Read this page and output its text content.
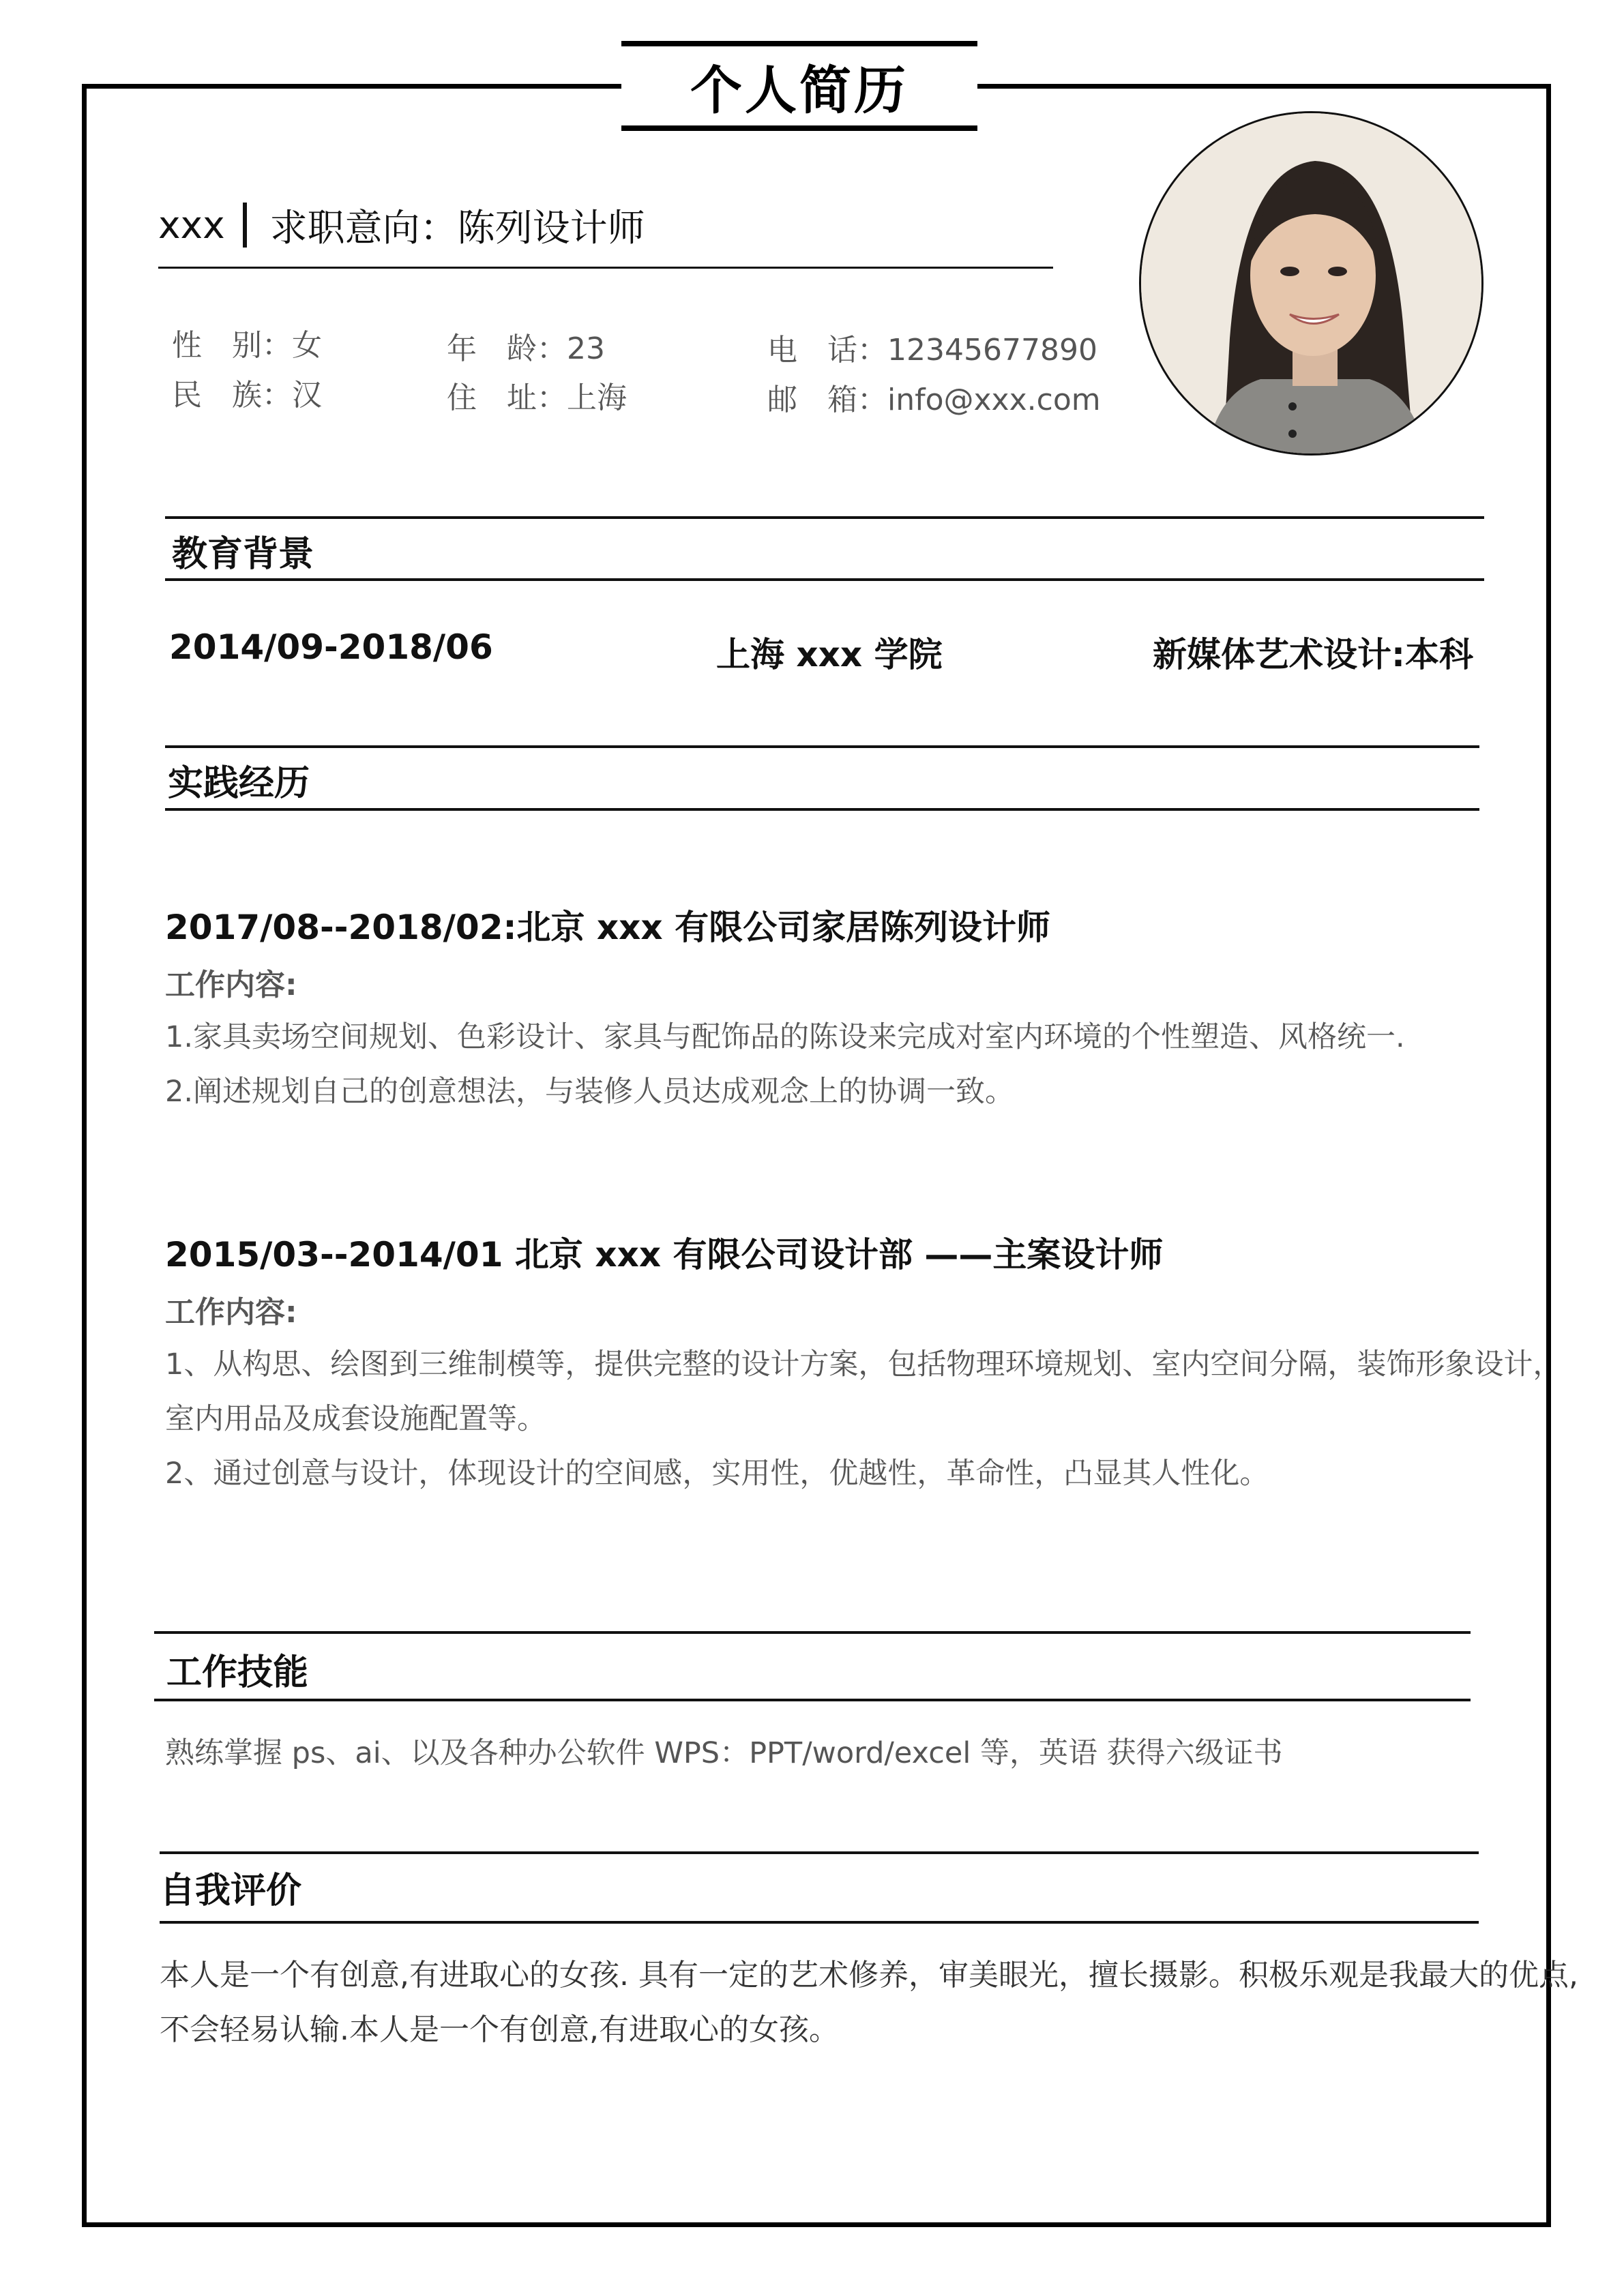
个人简历
xxx 求职意向：陈列设计师
性　别：女
民　族：汉
年　龄：23
住　址：上海
电　话：12345677890
邮　箱：info@xxx.com
教育背景
2014/09-2018/06	上海 xxx 学院	新媒体艺术设计:本科
实践经历
2017/08--2018/02:北京 xxx 有限公司 家居陈列设计师
工作内容:
1.家具卖场空间规划、色彩设计、家具与配饰品的陈设来完成对室内环境的个性塑造、风格统一.
2.阐述规划自己的创意想法，与装修人员达成观念上的协调一致。
2015/03--2014/01 北京 xxx 有限公司 设计部 ——主案设计师
工作内容:
1、从构思、绘图到三维制模等，提供完整的设计方案，包括物理环境规划、室内空间分隔，装饰形象设计，
室内用品及成套设施配置等。
2、通过创意与设计，体现设计的空间感，实用性，优越性，革命性，凸显其人性化。
工作技能
熟练掌握 ps、ai、以及各种办公软件 WPS：PPT/word/excel 等，英语 获得六级证书
自我评价
本人是一个有创意,有进取心的女孩. 具有一定的艺术修养，审美眼光，擅长摄影。积极乐观是我最大的优点,
不会轻易认输.本人是一个有创意,有进取心的女孩。
